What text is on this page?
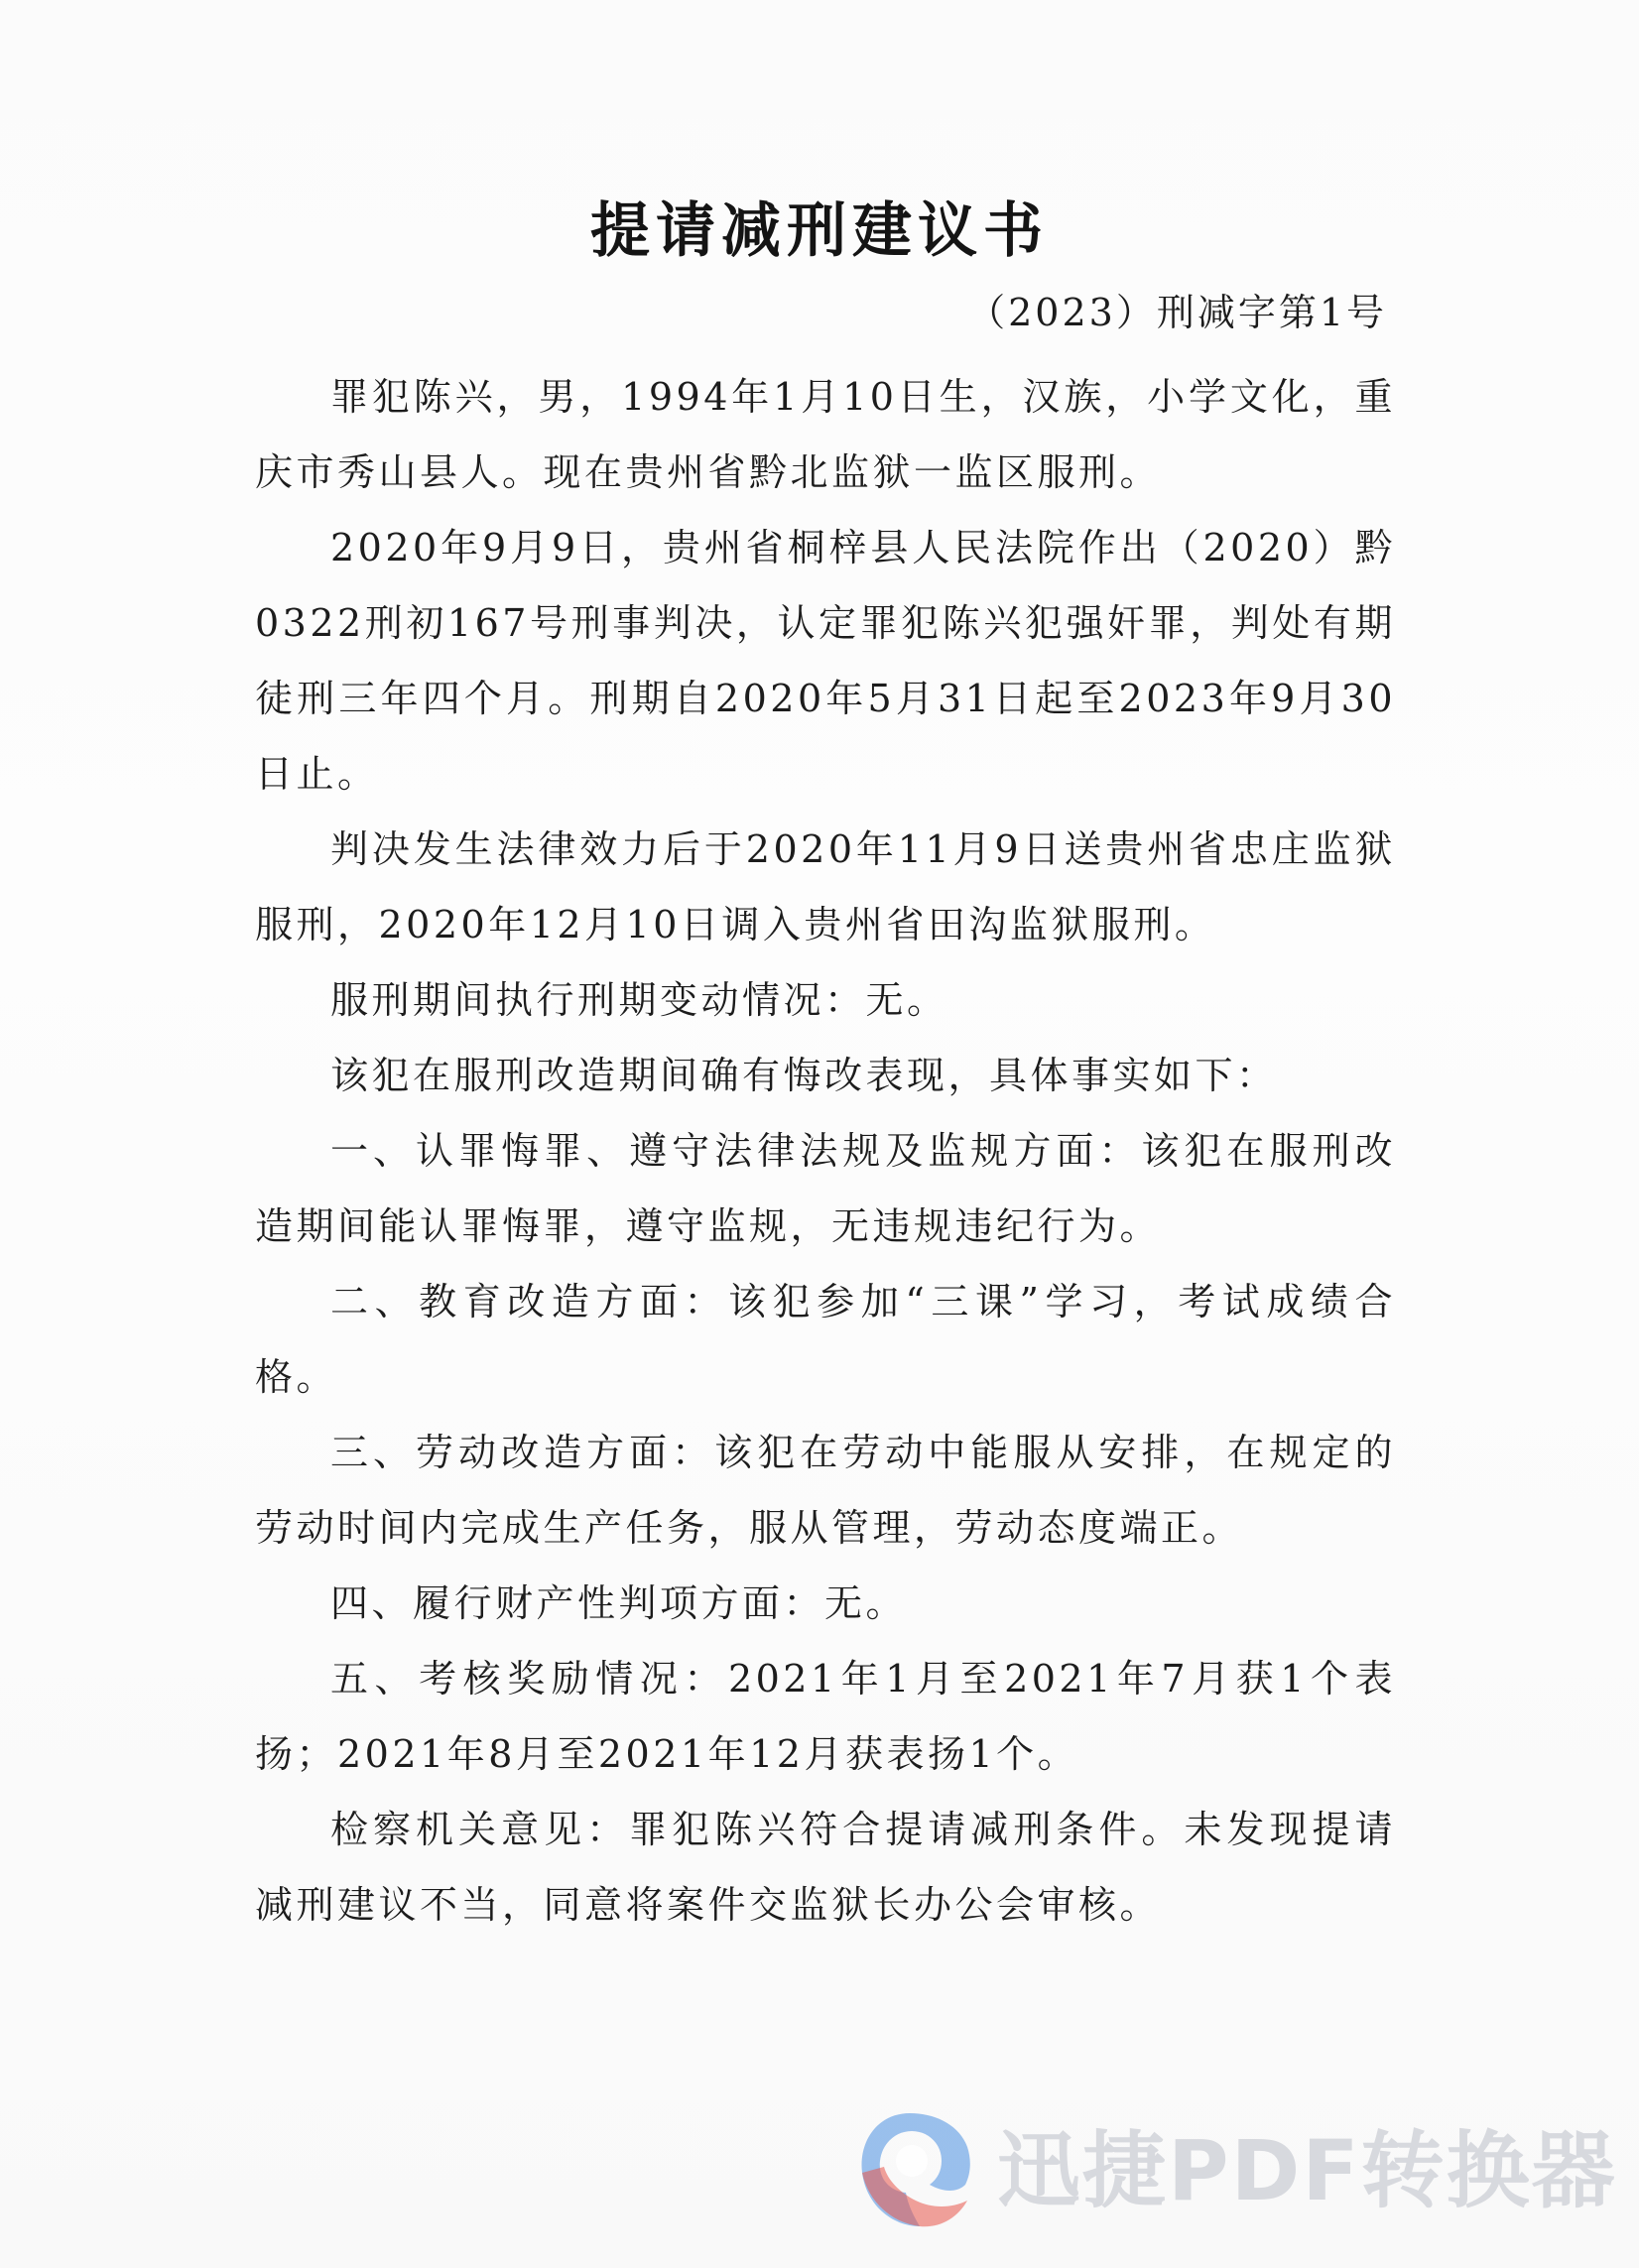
提请减刑建议书
（2023）刑减字第1号

罪犯陈兴，男，1994年1月10日生，汉族，小学文化，重庆市秀山县人。现在贵州省黔北监狱一监区服刑。

2020年9月9日，贵州省桐梓县人民法院作出（2020）黔0322刑初167号刑事判决，认定罪犯陈兴犯强奸罪，判处有期徒刑三年四个月。刑期自2020年5月31日起至2023年9月30日止。

判决发生法律效力后于2020年11月9日送贵州省忠庄监狱服刑，2020年12月10日调入贵州省田沟监狱服刑。

服刑期间执行刑期变动情况：无。

该犯在服刑改造期间确有悔改表现，具体事实如下：

一、认罪悔罪、遵守法律法规及监规方面：该犯在服刑改造期间能认罪悔罪，遵守监规，无违规违纪行为。

二、教育改造方面：该犯参加“三课”学习，考试成绩合格。

三、劳动改造方面：该犯在劳动中能服从安排，在规定的劳动时间内完成生产任务，服从管理，劳动态度端正。

四、履行财产性判项方面：无。

五、考核奖励情况：2021年1月至2021年7月获1个表扬；2021年8月至2021年12月获表扬1个。

检察机关意见：罪犯陈兴符合提请减刑条件。未发现提请减刑建议不当，同意将案件交监狱长办公会审核。

迅捷PDF转换器
